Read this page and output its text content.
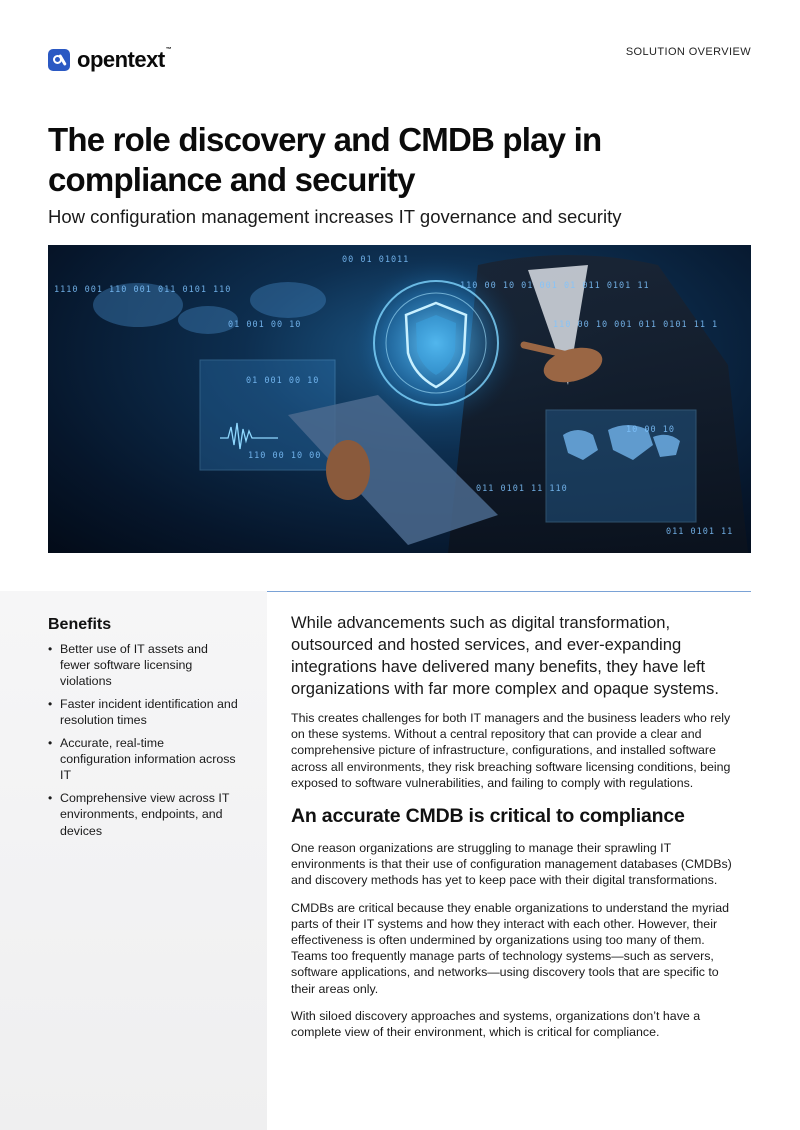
opentext™	SOLUTION OVERVIEW
The role discovery and CMDB play in compliance and security
How configuration management increases IT governance and security
1110 001 110 001 011 0101 110
00 01 01011
110 00 10 01 001 01 011 0101 11
01 001 00 10	110 00 10 001 011 0101 11 1
01 001 00 10
110 00 10 00
10 00 10
011 0101 11 110
011 0101 11
Benefits
• Better use of IT assets and fewer software licensing violations
• Faster incident identification and resolution times
• Accurate, real-time configuration information across IT
• Comprehensive view across IT environments, endpoints, and devices

While advancements such as digital transformation, outsourced and hosted services, and ever-expanding integrations have delivered many benefits, they have left organizations with far more complex and opaque systems.

This creates challenges for both IT managers and the business leaders who rely on these systems. Without a central repository that can provide a clear and comprehensive picture of infrastructure, configurations, and installed software across all environments, they risk breaching software licensing conditions, being exposed to software vulnerabilities, and failing to comply with regulations.

An accurate CMDB is critical to compliance

One reason organizations are struggling to manage their sprawling IT environments is that their use of configuration management databases (CMDBs) and discovery methods has yet to keep pace with their digital transformations.

CMDBs are critical because they enable organizations to understand the myriad parts of their IT systems and how they interact with each other. However, their effectiveness is often undermined by organizations using too many of them. Teams too frequently manage parts of technology systems—such as servers, software applications, and networks—using discovery tools that are specific to their areas only.

With siloed discovery approaches and systems, organizations don’t have a complete view of their environment, which is critical for compliance.
